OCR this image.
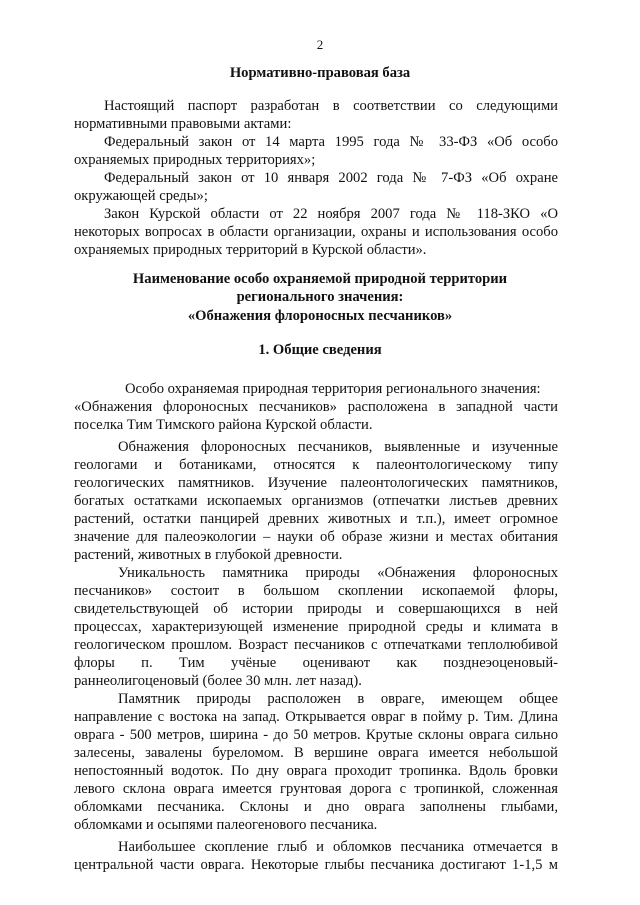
2
Нормативно-правовая база
Настоящий паспорт разработан в соответствии со следующими
нормативными правовыми актами:
Федеральный закон от 14 марта 1995 года № 33-ФЗ «Об особо
охраняемых природных территориях»;
Федеральный закон от 10 января 2002 года № 7-ФЗ «Об охране
окружающей среды»;
Закон Курской области от 22 ноября 2007 года № 118-ЗКО «О
некоторых вопросах в области организации, охраны и использования особо
охраняемых природных территорий в Курской области».
Наименование особо охраняемой природной территории
регионального значения:
«Обнажения флороносных песчаников»
1. Общие сведения
Особо охраняемая природная территория регионального значения:
«Обнажения флороносных песчаников» расположена в западной части
поселка Тим Тимского района Курской области.
Обнажения флороносных песчаников, выявленные и изученные
геологами и ботаниками, относятся к палеонтологическому типу
геологических памятников. Изучение палеонтологических памятников,
богатых остатками ископаемых организмов (отпечатки листьев древних
растений, остатки панцирей древних животных и т.п.), имеет огромное
значение для палеоэкологии – науки об образе жизни и местах обитания
растений, животных в глубокой древности.
Уникальность памятника природы «Обнажения флороносных
песчаников» состоит в большом скоплении ископаемой флоры,
свидетельствующей об истории природы и совершающихся в ней
процессах, характеризующей изменение природной среды и климата в
геологическом прошлом. Возраст песчаников с отпечатками теплолюбивой
флоры п. Тим учёные оценивают как позднеэоценовый-
раннеолигоценовый (более 30 млн. лет назад).
Памятник природы расположен в овраге, имеющем общее
направление с востока на запад. Открывается овраг в пойму р. Тим. Длина
оврага - 500 метров, ширина - до 50 метров. Крутые склоны оврага сильно
залесены, завалены буреломом. В вершине оврага имеется небольшой
непостоянный водоток. По дну оврага проходит тропинка. Вдоль бровки
левого склона оврага имеется грунтовая дорога с тропинкой, сложенная
обломками песчаника. Склоны и дно оврага заполнены глыбами,
обломками и осыпями палеогенового песчаника.
Наибольшее скопление глыб и обломков песчаника отмечается в
центральной части оврага. Некоторые глыбы песчаника достигают 1-1,5 м
